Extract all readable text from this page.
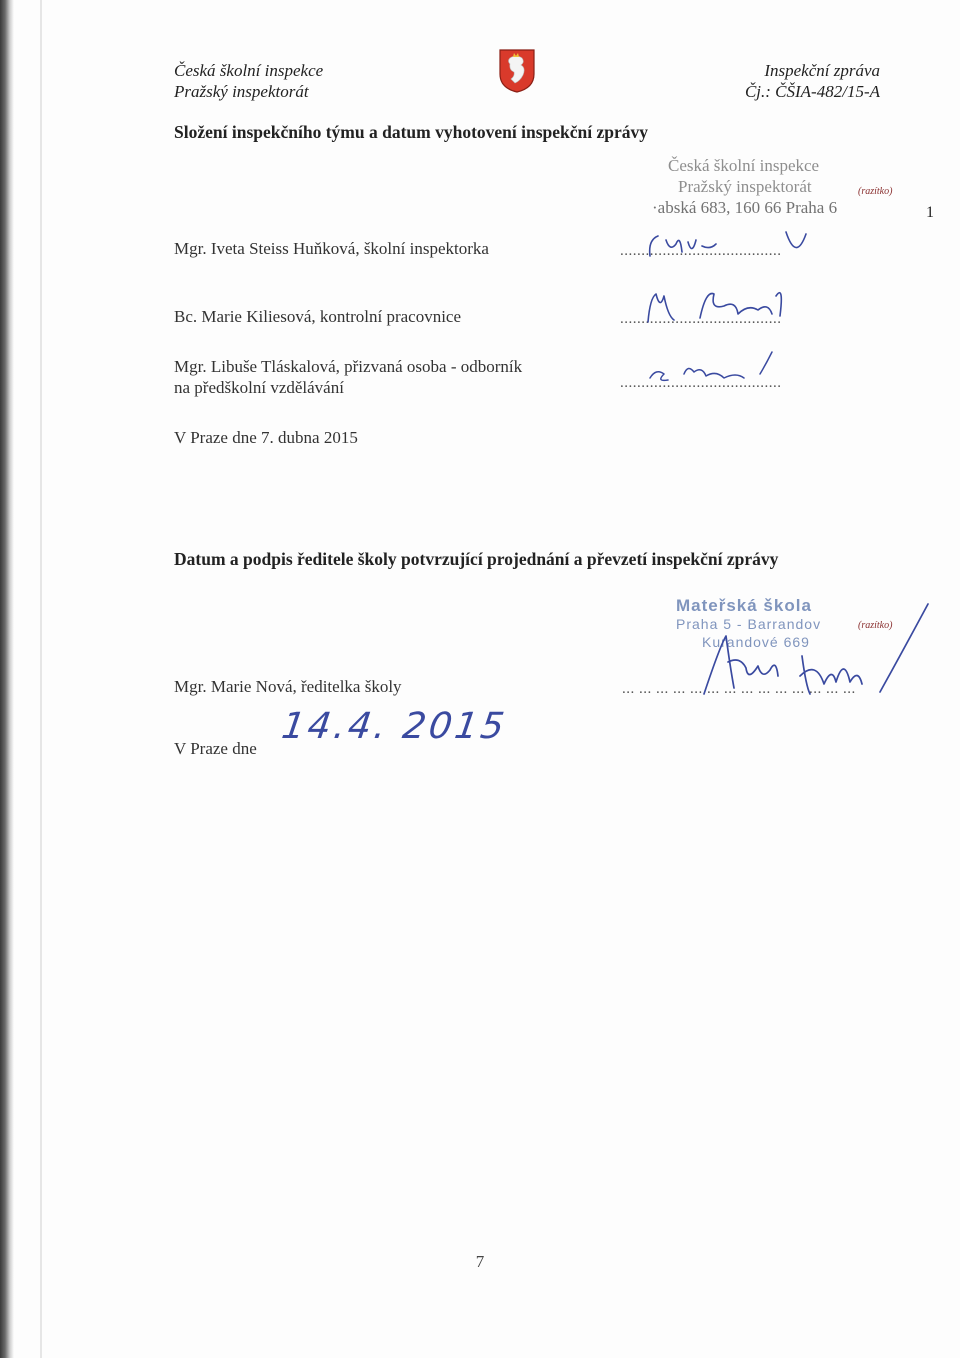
Česká školní inspekce
Pražský inspektorát
Inspekční zpráva
Čj.: ČŠIA-482/15-A
Složení inspekčního týmu a datum vyhotovení inspekční zprávy
Česká školní inspekce
Pražský inspektorát
·abská 683, 160 66 Praha 6
(razítko)
1
Mgr. Iveta Steiss Huňková, školní inspektorka	......................................
Bc. Marie Kiliesová, kontrolní pracovnice	......................................
Mgr. Libuše Tláskalová, přizvaná osoba - odborník
na předškolní vzdělávání	......................................
V Praze dne 7. dubna 2015
Datum a podpis ředitele školy potvrzující projednání a převzetí inspekční zprávy
Mateřská škola
Praha 5 - Barrandov
Kurandové 669
(razítko)
Mgr. Marie Nová, ředitelka školy	... ... ... ... ... ... ... ... ... ... ... ... ... ...
V Praze dne
14.4. 2015
7
